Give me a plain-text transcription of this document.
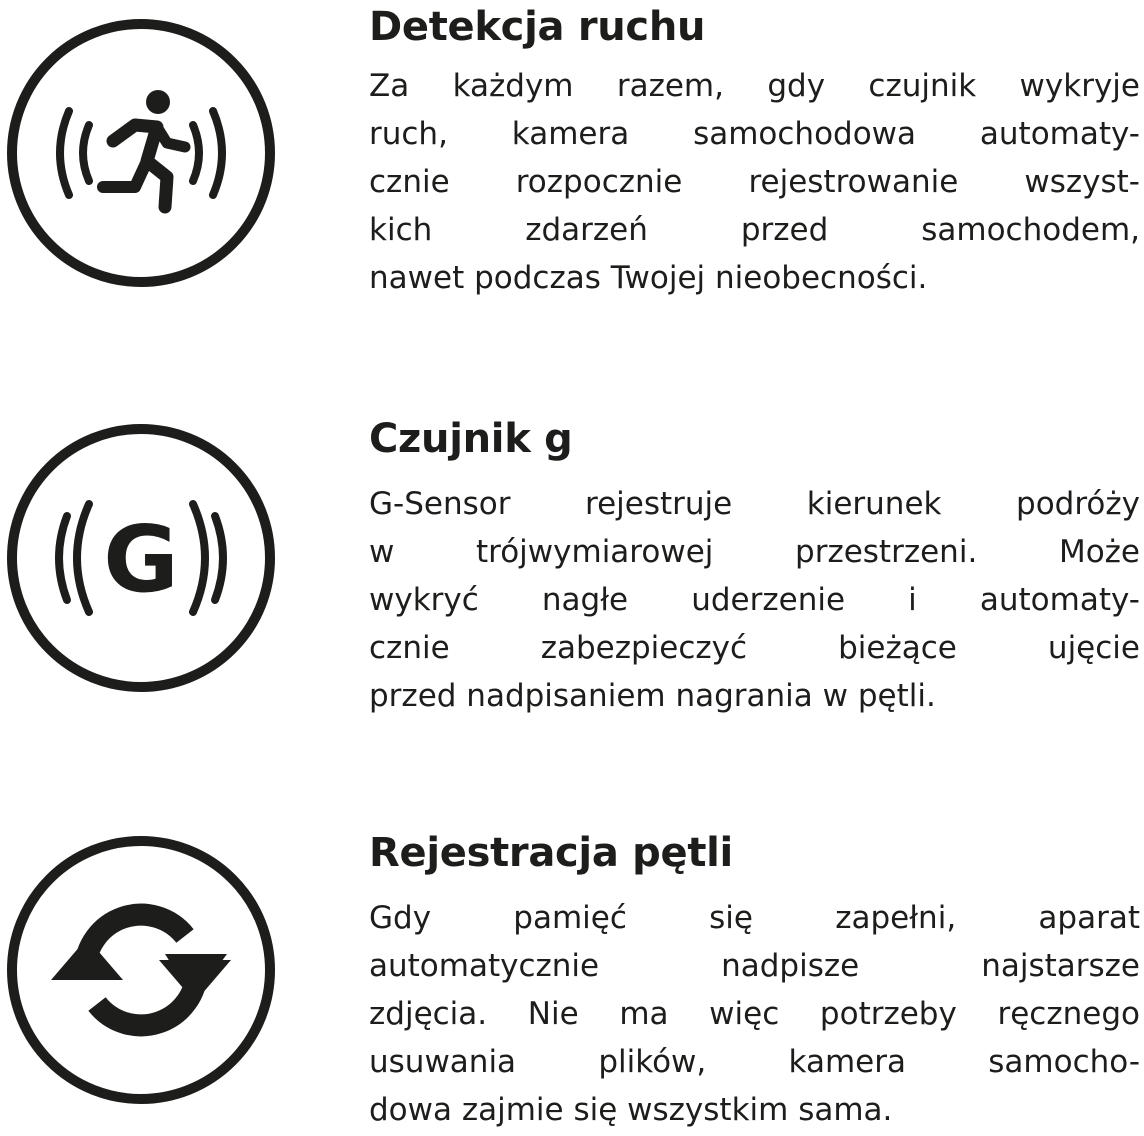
Detekcja ruchu

Za każdym razem, gdy czujnik wykryje
ruch, kamera samochodowa automaty-
cznie rozpocznie rejestrowanie wszyst-
kich zdarzeń przed samochodem,
nawet podczas Twojej nieobecności.

G
Czujnik g

G-Sensor rejestruje kierunek podróży
w trójwymiarowej przestrzeni. Może
wykryć nagłe uderzenie i automaty-
cznie zabezpieczyć bieżące ujęcie
przed nadpisaniem nagrania w pętli.

Rejestracja pętli

Gdy pamięć się zapełni, aparat
automatycznie nadpisze najstarsze
zdjęcia. Nie ma więc potrzeby ręcznego
usuwania plików, kamera samocho-
dowa zajmie się wszystkim sama.
